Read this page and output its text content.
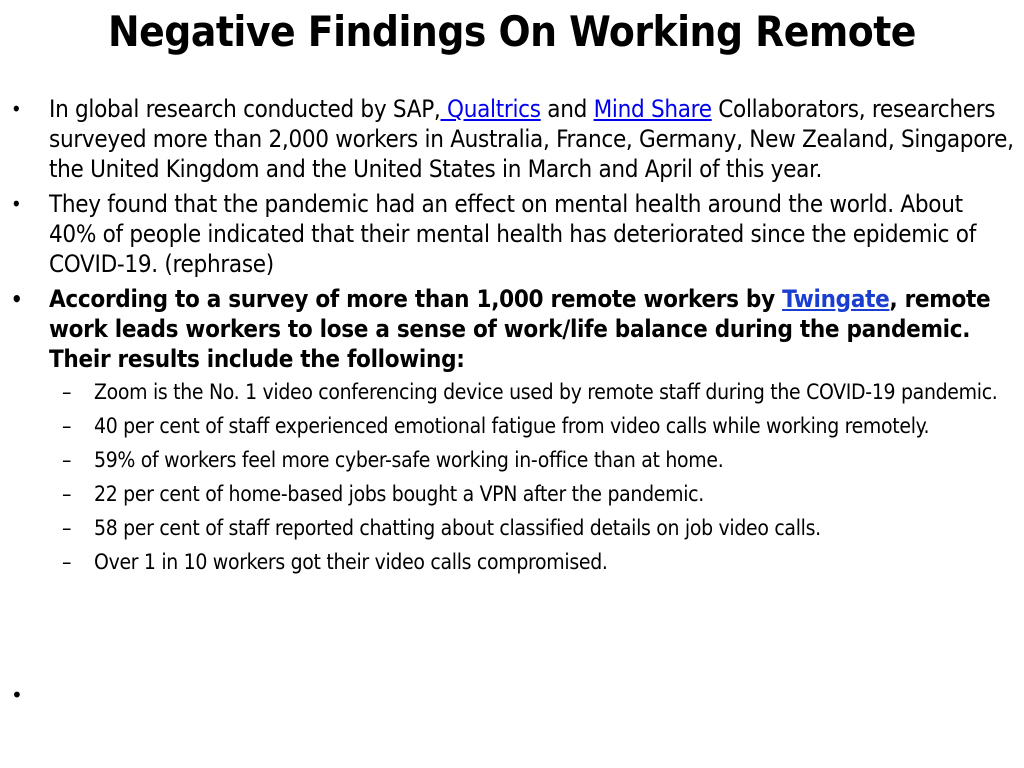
Negative Findings On Working Remote
• In global research conducted by SAP, Qualtrics and Mind Share Collaborators, researchers surveyed more than 2,000 workers in Australia, France, Germany, New Zealand, Singapore, the United Kingdom and the United States in March and April of this year.
• They found that the pandemic had an effect on mental health around the world. About 40% of people indicated that their mental health has deteriorated since the epidemic of COVID-19. (rephrase)
• According to a survey of more than 1,000 remote workers by Twingate, remote work leads workers to lose a sense of work/life balance during the pandemic. Their results include the following:
– Zoom is the No. 1 video conferencing device used by remote staff during the COVID-19 pandemic.
– 40 per cent of staff experienced emotional fatigue from video calls while working remotely.
– 59% of workers feel more cyber-safe working in-office than at home.
– 22 per cent of home-based jobs bought a VPN after the pandemic.
– 58 per cent of staff reported chatting about classified details on job video calls.
– Over 1 in 10 workers got their video calls compromised.
•
